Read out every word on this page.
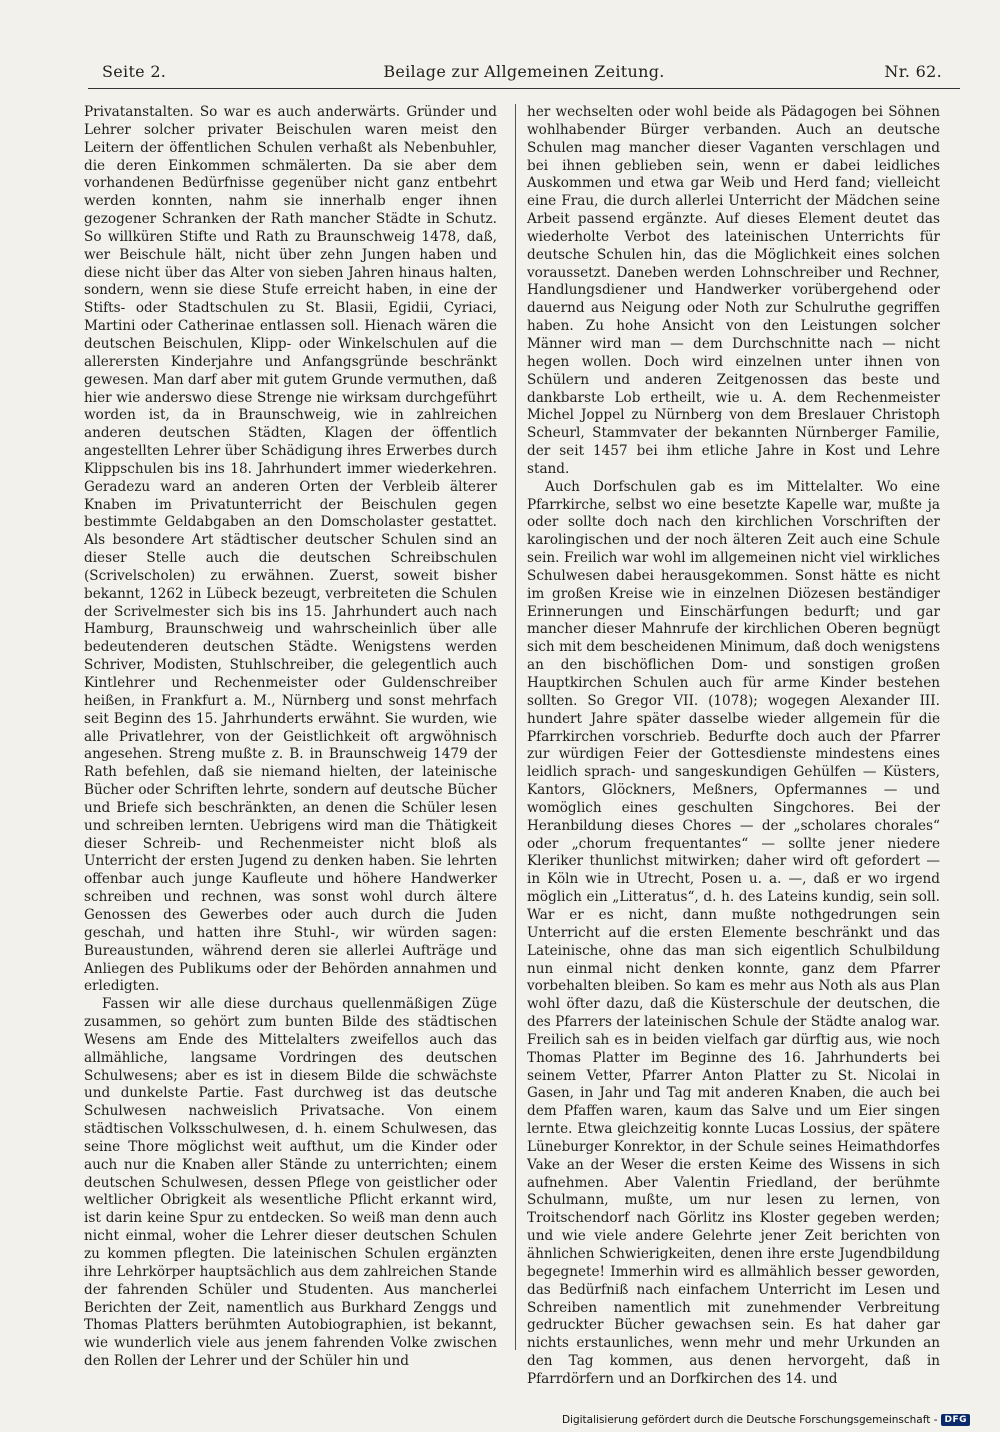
Seite 2.	Beilage zur Allgemeinen Zeitung.	Nr. 62.

Privatanstalten. So war es auch anderwärts. Gründer und Lehrer solcher privater Beischulen waren meist den Leitern der öffentlichen Schulen verhaßt als Nebenbuhler, die deren Einkommen schmälerten. Da sie aber dem vorhandenen Bedürfnisse gegenüber nicht ganz entbehrt werden konnten, nahm sie innerhalb enger ihnen gezogener Schranken der Rath mancher Städte in Schutz. So willküren Stifte und Rath zu Braunschweig 1478, daß, wer Beischule hält, nicht über zehn Jungen haben und diese nicht über das Alter von sieben Jahren hinaus halten, sondern, wenn sie diese Stufe erreicht haben, in eine der Stifts- oder Stadtschulen zu St. Blasii, Egidii, Cyriaci, Martini oder Catherinae entlassen soll. Hienach wären die deutschen Beischulen, Klipp- oder Winkelschulen auf die allerersten Kinderjahre und Anfangsgründe beschränkt gewesen. Man darf aber mit gutem Grunde vermuthen, daß hier wie anderswo diese Strenge nie wirksam durchgeführt worden ist, da in Braunschweig, wie in zahlreichen anderen deutschen Städten, Klagen der öffentlich angestellten Lehrer über Schädigung ihres Erwerbes durch Klippschulen bis ins 18. Jahrhundert immer wiederkehren. Geradezu ward an anderen Orten der Verbleib älterer Knaben im Privatunterricht der Beischulen gegen bestimmte Geldabgaben an den Domscholaster gestattet. Als besondere Art städtischer deutscher Schulen sind an dieser Stelle auch die deutschen Schreibschulen (Scrivelscholen) zu erwähnen. Zuerst, soweit bisher bekannt, 1262 in Lübeck bezeugt, verbreiteten die Schulen der Scrivelmester sich bis ins 15. Jahrhundert auch nach Hamburg, Braunschweig und wahrscheinlich über alle bedeutenderen deutschen Städte. Wenigstens werden Schriver, Modisten, Stuhlschreiber, die gelegentlich auch Kintlehrer und Rechenmeister oder Guldenschreiber heißen, in Frankfurt a. M., Nürnberg und sonst mehrfach seit Beginn des 15. Jahrhunderts erwähnt. Sie wurden, wie alle Privatlehrer, von der Geistlichkeit oft argwöhnisch angesehen. Streng mußte z. B. in Braunschweig 1479 der Rath befehlen, daß sie niemand hielten, der lateinische Bücher oder Schriften lehrte, sondern auf deutsche Bücher und Briefe sich beschränkten, an denen die Schüler lesen und schreiben lernten. Uebrigens wird man die Thätigkeit dieser Schreib- und Rechenmeister nicht bloß als Unterricht der ersten Jugend zu denken haben. Sie lehrten offenbar auch junge Kaufleute und höhere Handwerker schreiben und rechnen, was sonst wohl durch ältere Genossen des Gewerbes oder auch durch die Juden geschah, und hatten ihre Stuhl-, wir würden sagen: Bureaustunden, während deren sie allerlei Aufträge und Anliegen des Publikums oder der Behörden annahmen und erledigten.

Fassen wir alle diese durchaus quellenmäßigen Züge zusammen, so gehört zum bunten Bilde des städtischen Wesens am Ende des Mittelalters zweifellos auch das allmähliche, langsame Vordringen des deutschen Schulwesens; aber es ist in diesem Bilde die schwächste und dunkelste Partie. Fast durchweg ist das deutsche Schulwesen nachweislich Privatsache. Von einem städtischen Volksschulwesen, d. h. einem Schulwesen, das seine Thore möglichst weit aufthut, um die Kinder oder auch nur die Knaben aller Stände zu unterrichten; einem deutschen Schulwesen, dessen Pflege von geistlicher oder weltlicher Obrigkeit als wesentliche Pflicht erkannt wird, ist darin keine Spur zu entdecken. So weiß man denn auch nicht einmal, woher die Lehrer dieser deutschen Schulen zu kommen pflegten. Die lateinischen Schulen ergänzten ihre Lehrkörper hauptsächlich aus dem zahlreichen Stande der fahrenden Schüler und Studenten. Aus mancherlei Berichten der Zeit, namentlich aus Burkhard Zenggs und Thomas Platters berühmten Autobiographien, ist bekannt, wie wunderlich viele aus jenem fahrenden Volke zwischen den Rollen der Lehrer und der Schüler hin und

her wechselten oder wohl beide als Pädagogen bei Söhnen wohlhabender Bürger verbanden. Auch an deutsche Schulen mag mancher dieser Vaganten verschlagen und bei ihnen geblieben sein, wenn er dabei leidliches Auskommen und etwa gar Weib und Herd fand; vielleicht eine Frau, die durch allerlei Unterricht der Mädchen seine Arbeit passend ergänzte. Auf dieses Element deutet das wiederholte Verbot des lateinischen Unterrichts für deutsche Schulen hin, das die Möglichkeit eines solchen voraussetzt. Daneben werden Lohnschreiber und Rechner, Handlungsdiener und Handwerker vorübergehend oder dauernd aus Neigung oder Noth zur Schulruthe gegriffen haben. Zu hohe Ansicht von den Leistungen solcher Männer wird man — dem Durchschnitte nach — nicht hegen wollen. Doch wird einzelnen unter ihnen von Schülern und anderen Zeitgenossen das beste und dankbarste Lob ertheilt, wie u. A. dem Rechenmeister Michel Joppel zu Nürnberg von dem Breslauer Christoph Scheurl, Stammvater der bekannten Nürnberger Familie, der seit 1457 bei ihm etliche Jahre in Kost und Lehre stand.

Auch Dorfschulen gab es im Mittelalter. Wo eine Pfarrkirche, selbst wo eine besetzte Kapelle war, mußte ja oder sollte doch nach den kirchlichen Vorschriften der karolingischen und der noch älteren Zeit auch eine Schule sein. Freilich war wohl im allgemeinen nicht viel wirkliches Schulwesen dabei herausgekommen. Sonst hätte es nicht im großen Kreise wie in einzelnen Diözesen beständiger Erinnerungen und Einschärfungen bedurft; und gar mancher dieser Mahnrufe der kirchlichen Oberen begnügt sich mit dem bescheidenen Minimum, daß doch wenigstens an den bischöflichen Dom- und sonstigen großen Hauptkirchen Schulen auch für arme Kinder bestehen sollten. So Gregor VII. (1078); wogegen Alexander III. hundert Jahre später dasselbe wieder allgemein für die Pfarrkirchen vorschrieb. Bedurfte doch auch der Pfarrer zur würdigen Feier der Gottesdienste mindestens eines leidlich sprach- und sangeskundigen Gehülfen — Küsters, Kantors, Glöckners, Meßners, Opfermannes — und womöglich eines geschulten Singchores. Bei der Heranbildung dieses Chores — der „scholares chorales“ oder „chorum frequentantes“ — sollte jener niedere Kleriker thunlichst mitwirken; daher wird oft gefordert — in Köln wie in Utrecht, Posen u. a. —, daß er wo irgend möglich ein „Litteratus“, d. h. des Lateins kundig, sein soll. War er es nicht, dann mußte nothgedrungen sein Unterricht auf die ersten Elemente beschränkt und das Lateinische, ohne das man sich eigentlich Schulbildung nun einmal nicht denken konnte, ganz dem Pfarrer vorbehalten bleiben. So kam es mehr aus Noth als aus Plan wohl öfter dazu, daß die Küsterschule der deutschen, die des Pfarrers der lateinischen Schule der Städte analog war. Freilich sah es in beiden vielfach gar dürftig aus, wie noch Thomas Platter im Beginne des 16. Jahrhunderts bei seinem Vetter, Pfarrer Anton Platter zu St. Nicolai in Gasen, in Jahr und Tag mit anderen Knaben, die auch bei dem Pfaffen waren, kaum das Salve und um Eier singen lernte. Etwa gleichzeitig konnte Lucas Lossius, der spätere Lüneburger Konrektor, in der Schule seines Heimathdorfes Vake an der Weser die ersten Keime des Wissens in sich aufnehmen. Aber Valentin Friedland, der berühmte Schulmann, mußte, um nur lesen zu lernen, von Troitschendorf nach Görlitz ins Kloster gegeben werden; und wie viele andere Gelehrte jener Zeit berichten von ähnlichen Schwierigkeiten, denen ihre erste Jugendbildung begegnete! Immerhin wird es allmählich besser geworden, das Bedürfniß nach einfachem Unterricht im Lesen und Schreiben namentlich mit zunehmender Verbreitung gedruckter Bücher gewachsen sein. Es hat daher gar nichts erstaunliches, wenn mehr und mehr Urkunden an den Tag kommen, aus denen hervorgeht, daß in Pfarrdörfern und an Dorfkirchen des 14. und

Digitalisierung gefördert durch die Deutsche Forschungsgemeinschaft - DFG
